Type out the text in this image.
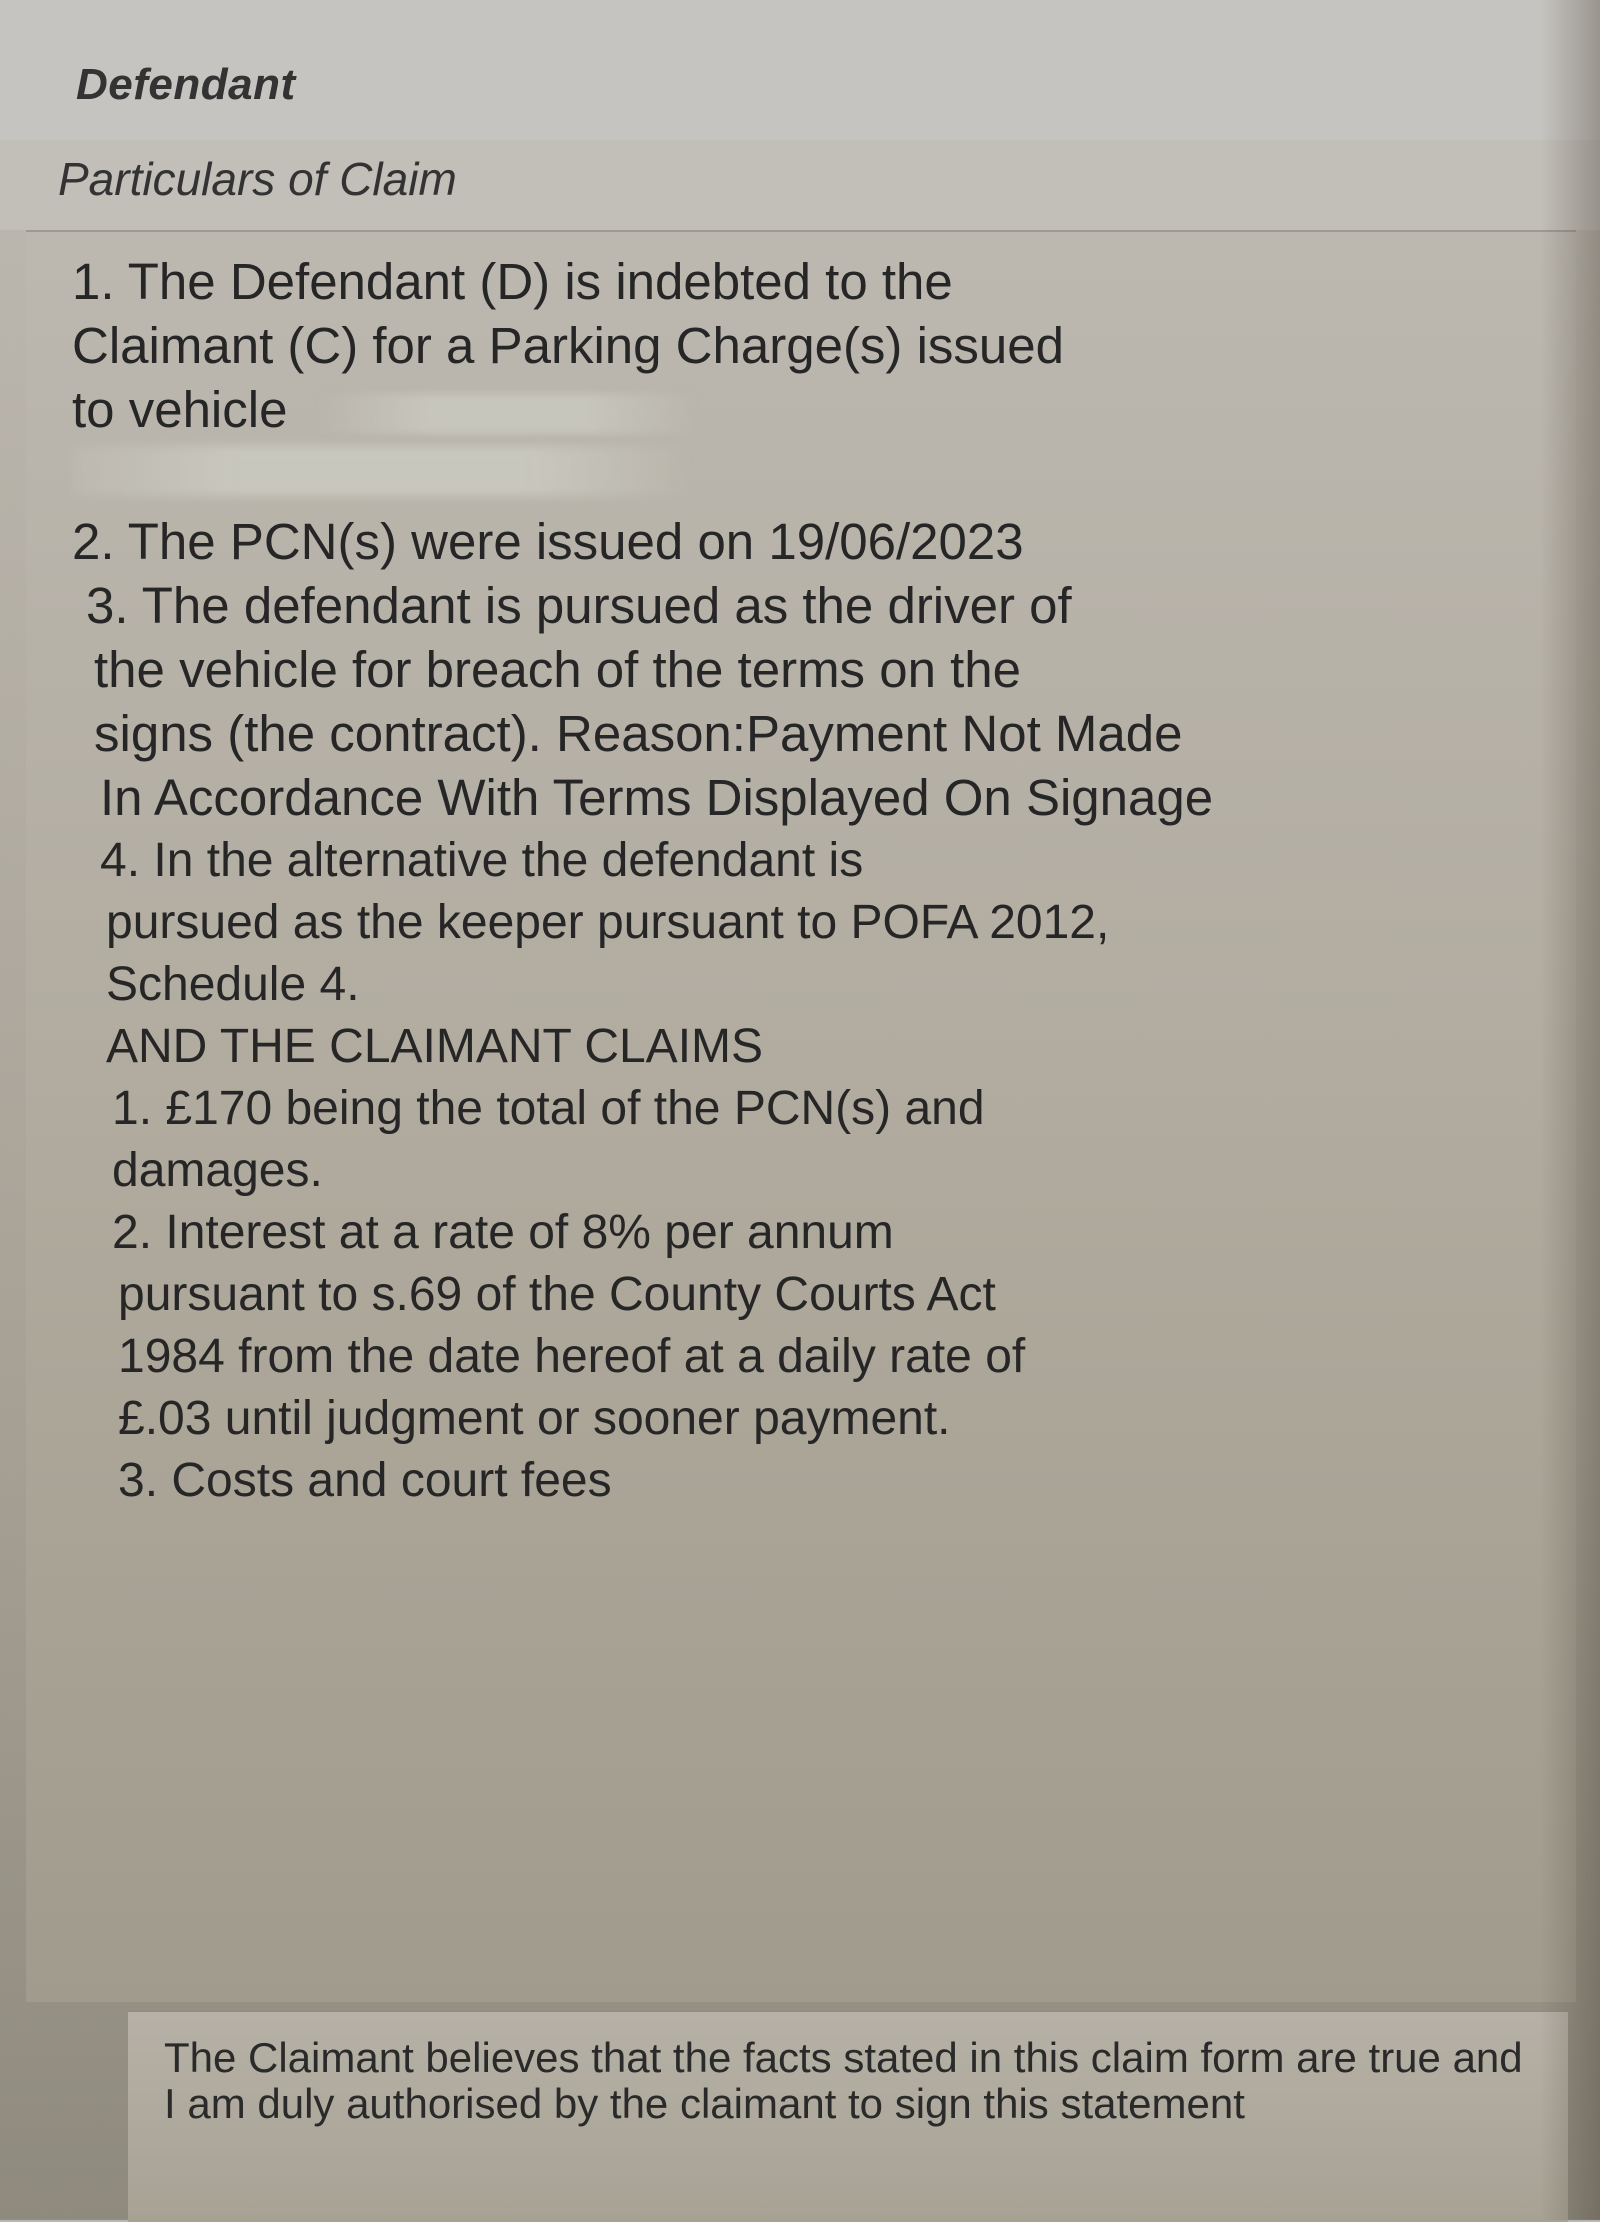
Defendant
Particulars of Claim
1. The Defendant (D) is indebted to the
Claimant (C) for a Parking Charge(s) issued
to vehicle
2. The PCN(s) were issued on 19/06/2023
3. The defendant is pursued as the driver of
the vehicle for breach of the terms on the
signs (the contract). Reason:Payment Not Made
In Accordance With Terms Displayed On Signage
4. In the alternative the defendant is
pursued as the keeper pursuant to POFA 2012,
Schedule 4.
AND THE CLAIMANT CLAIMS
1. £170 being the total of the PCN(s) and
damages.
2. Interest at a rate of 8% per annum
pursuant to s.69 of the County Courts Act
1984 from the date hereof at a daily rate of
£.03 until judgment or sooner payment.
3. Costs and court fees
The Claimant believes that the facts stated in this claim form are true and I am duly authorised by the claimant to sign this statement
